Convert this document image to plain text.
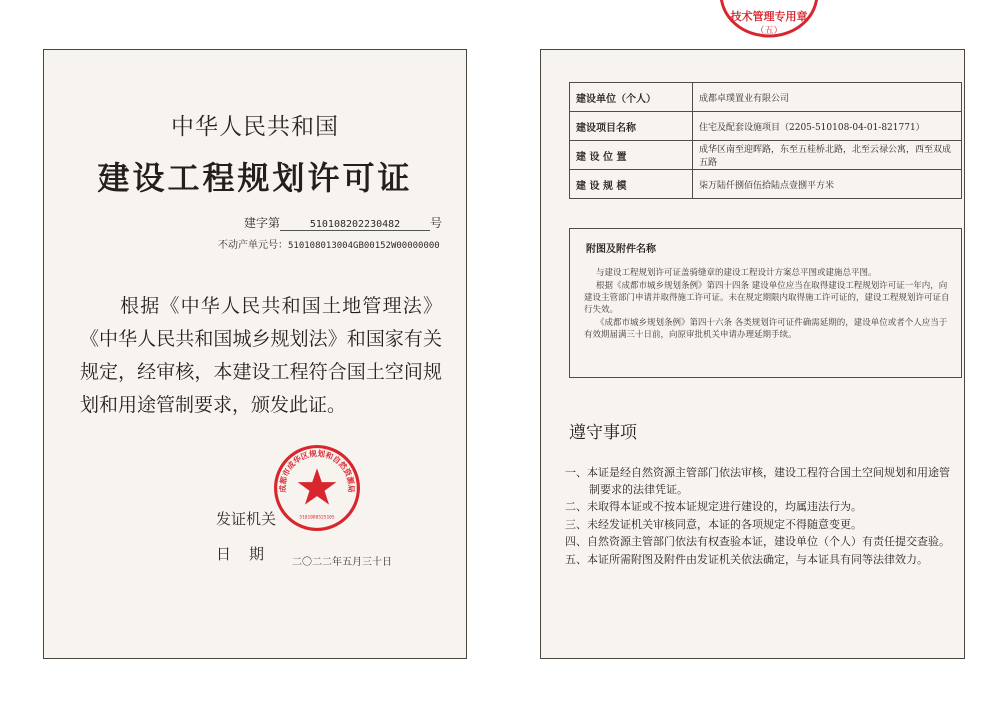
中华人民共和国
建设工程规划许可证
建字第	510108202230482 号
不动产单元号：510108013004GB00152W00000000
根据《中华人民共和国土地管理法》《中华人民共和国城乡规划法》和国家有关规定，经审核，本建设工程符合国土空间规划和用途管制要求，颁发此证。
发证机关
日期 二〇二二年五月三十日
成都市成华区规划和自然资源局
5101080525105
技术管理专用章
（五）
建设单位（个人）	成都卓璞置业有限公司
建设项目名称	住宅及配套设施项目（2205-510108-04-01-821771）
建 设 位 置	成华区南至迎晖路，东至五桂桥北路，北至云禄公寓，西至双成五路
建 设 规 模	柒万陆仟捌佰伍拾陆点壹捌平方米
附图及附件名称

与建设工程规划许可证盖骑缝章的建设工程设计方案总平图或建施总平图。

根据《成都市城乡规划条例》第四十四条 建设单位应当在取得建设工程规划许可证一年内，向建设主管部门申请并取得施工许可证。未在规定期限内取得施工许可证的，建设工程规划许可证自行失效。

《成都市城乡规划条例》第四十六条 各类规划许可证件确需延期的，建设单位或者个人应当于有效期届满三十日前，向原审批机关申请办理延期手续。

遵守事项
一、本证是经自然资源主管部门依法审核，建设工程符合国土空间规划和用途管制要求的法律凭证。
二、未取得本证或不按本证规定进行建设的，均属违法行为。
三、未经发证机关审核同意，本证的各项规定不得随意变更。
四、自然资源主管部门依法有权查验本证，建设单位（个人）有责任提交查验。
五、本证所需附图及附件由发证机关依法确定，与本证具有同等法律效力。
